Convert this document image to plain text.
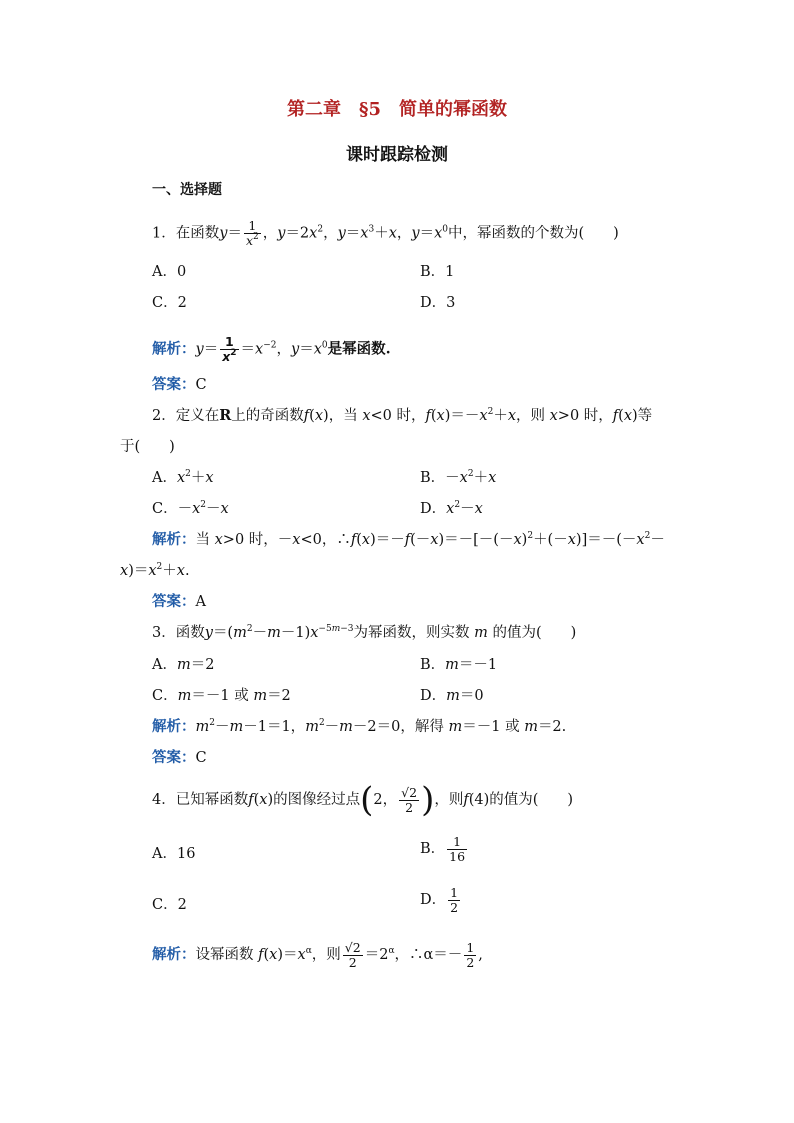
第二章　§5　简单的幂函数
课时跟踪检测
一、选择题
1．在函数$y= \frac{1}{x^2}$ ，$y=2x^2$，$y=x^3+x$，$y=x^0$中，幂函数的个数为(　　)
A．0	B．1
C．2	D．3
解析：$y= \frac{1}{x^2} =x^{-2}$，$y=x^0$是幂函数.
答案：C
2．定义在R上的奇函数f(x)，当 x<0 时，$f(x)=-x^2+x$，则 x>0 时，f(x)等
于(　　)
A．$x^2+x$	B．$-x^2+x$
C．$-x^2-x$	D．$x^2-x$
解析：当 x>0 时，－x<0，$\therefore f(x)=-f(-x)=-[-(-x)^2+(-x)]=-(-x^2-$
$x)=x^2+x$.
答案：A
3．函数$y=(m^2-m-1)x^{-5m-3}$为幂函数，则实数 m 的值为(　　)
A．m＝2	B．m＝－1
C．m＝－1 或 m＝2	D．m＝0
解析：$m^2-m-1=1$，$m^2-m-2=0$，解得 m＝－1 或 m＝2.
答案：C
4．已知幂函数f(x)的图像经过点(2， $\frac{√2}{2}$ )，则f(4)的值为(　　)
A．16	B． $\frac{1}{16}$
C．2	D． $\frac{1}{2}$
解析：设幂函数 $f(x)=x^\alpha$，则 $\frac{√2}{2} =2^\alpha$，∴α＝－ $\frac{1}{2}$ ,
